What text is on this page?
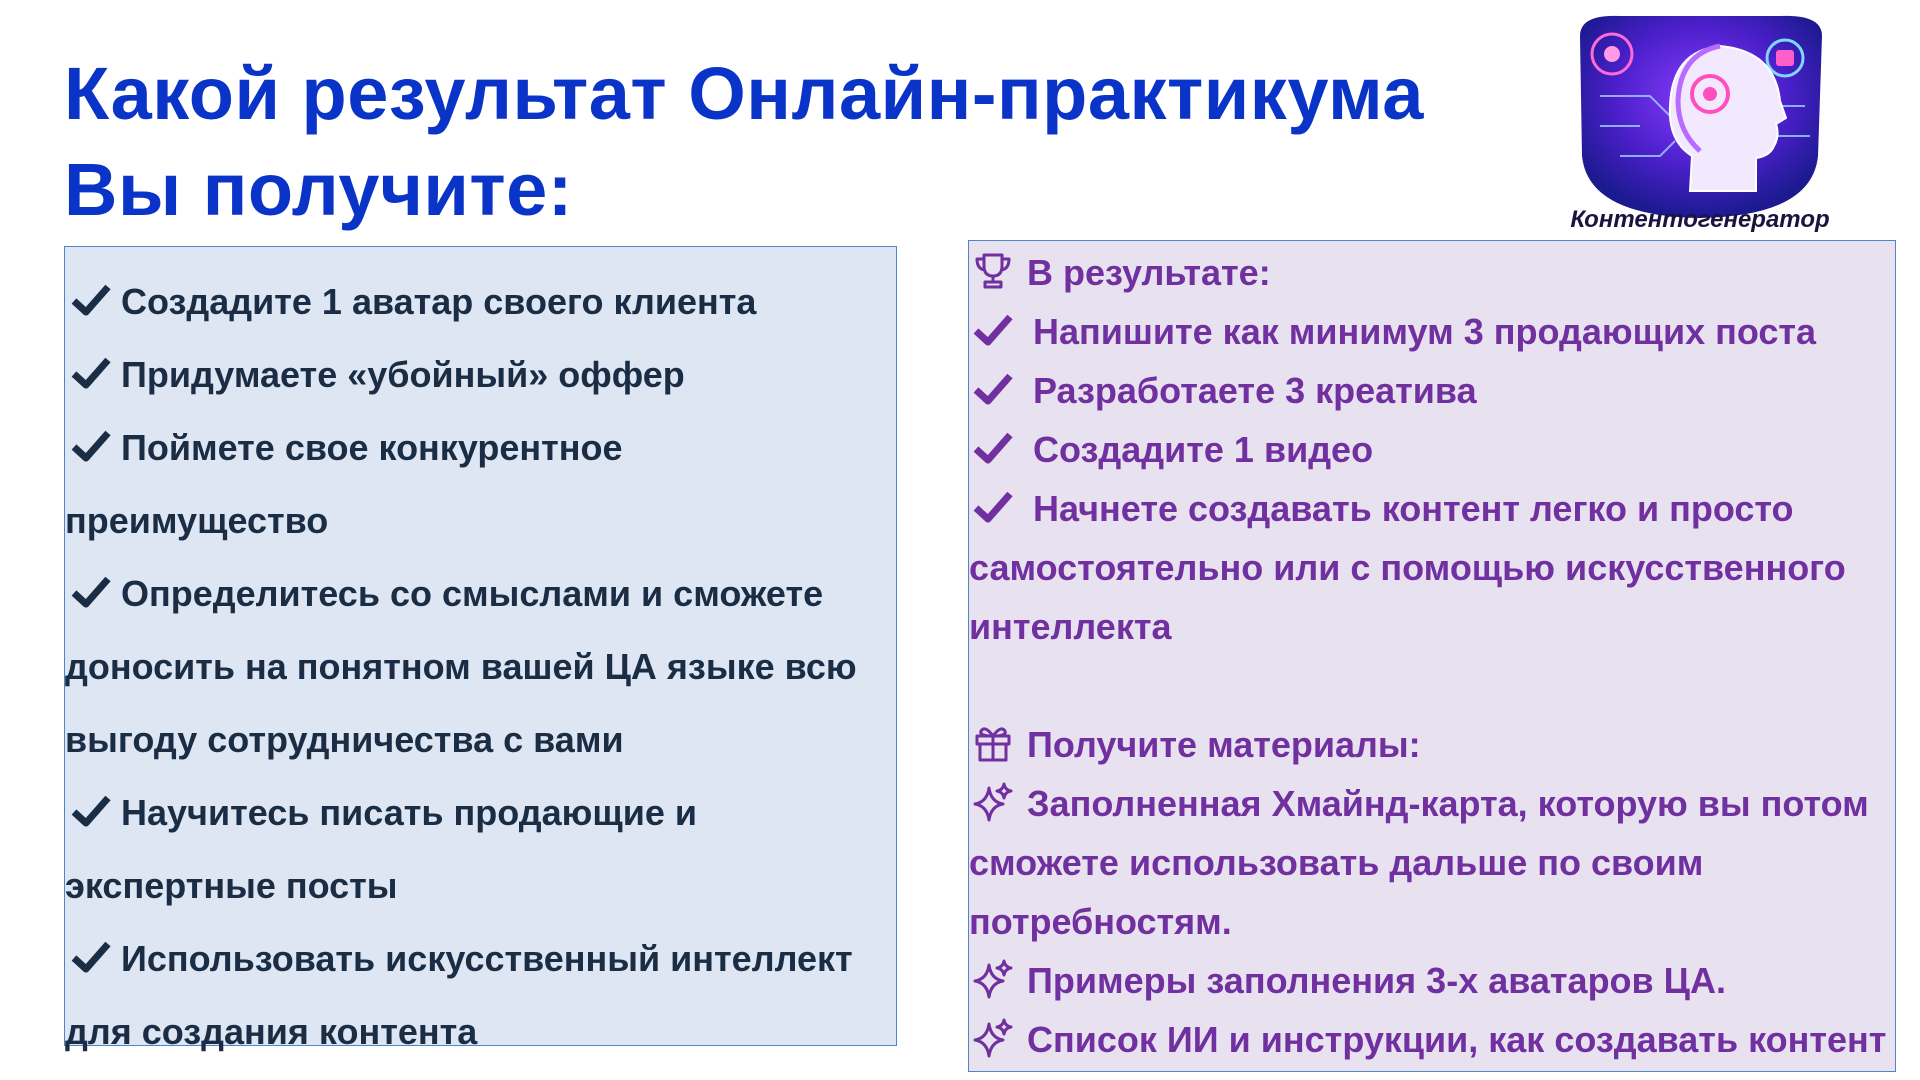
Какой результат Онлайн-практикума
Вы получите:	Контентогенератор
Создадите 1 аватар своего клиента
Придумаете «убойный» оффер
Поймете свое конкурентное преимущество
Определитесь со смыслами и сможете доносить на понятном вашей ЦА языке всю выгоду сотрудничества с вами
Научитесь писать продающие и экспертные посты
Использовать искусственный интеллект для создания контента
В результате:
Напишите как минимум 3 продающих поста
Разработаете 3 креатива
Создадите 1 видео
Начнете создавать контент легко и просто самостоятельно или с помощью искусственного интеллекта
Получите материалы:
Заполненная Хмайнд-карта, которую вы потом сможете использовать дальше по своим потребностям.
Примеры заполнения 3-х аватаров ЦА.
Список ИИ и инструкции, как создавать контент
